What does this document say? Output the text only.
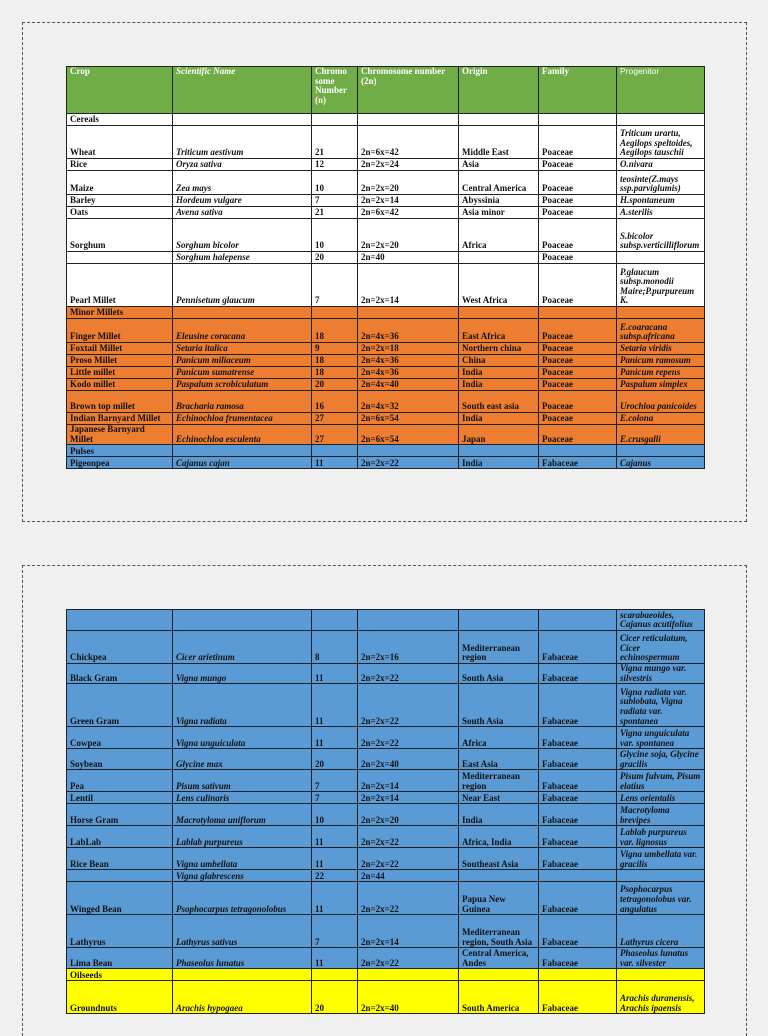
Crop	Scientific Name	Chromo some Number (n)	Chromosome number (2n)	Origin	Family	Progenitor
Cereals						
Wheat	Triticum aestivum	21	2n=6x=42	Middle East	Poaceae	Triticum urartu, Aegilops speltoides, Aegilops tauschii
Rice	Oryza sativa	12	2n=2x=24	Asia	Poaceae	O.nivara
Maize	Zea mays	10	2n=2x=20	Central America	Poaceae	teosinte(Z.mays ssp.parviglumis)
Barley	Hordeum vulgare	7	2n=2x=14	Abyssinia	Poaceae	H.spontaneum
Oats	Avena sativa	21	2n=6x=42	Asia minor	Poaceae	A.sterilis
Sorghum	Sorghum bicolor	10	2n=2x=20	Africa	Poaceae	S.bicolor subsp.verticilliflorum
	Sorghum halepense	20	2n=40		Poaceae	
Pearl Millet	Pennisetum glaucum	7	2n=2x=14	West Africa	Poaceae	P.glaucum subsp.monodii Maire;P.purpureum K.
Minor Millets						
Finger Millet	Eleusine coracana	18	2n=4x=36	East Africa	Poaceae	E.coaracana subsp.africana
Foxtail Millet	Setaria italica	9	2n=2x=18	Northern china	Poaceae	Setaria viridis
Proso Millet	Panicum miliaceum	18	2n=4x=36	China	Poaceae	Panicum ramosum
Little millet	Panicum sumatrense	18	2n=4x=36	India	Poaceae	Panicum repens
Kodo millet	Paspalum scrobiculatum	20	2n=4x=40	India	Poaceae	Paspalum simplex
Brown top millet	Bracharia ramosa	16	2n=4x=32	South east asia	Poaceae	Urochloa panicoides
Indian Barnyard Millet	Echinochloa frumentacea	27	2n=6x=54	India	Poaceae	E.colona
Japanese Barnyard Millet	Echinochloa esculenta	27	2n=6x=54	Japan	Poaceae	E.crusgalli
Pulses						
Pigeonpea	Cajanus cajan	11	2n=2x=22	India	Fabaceae	Cajanus
						scarabaeoides, Cajanus acutifolius
Chickpea	Cicer arietinum	8	2n=2x=16	Mediterranean region	Fabaceae	Cicer reticulatum, Cicer echinospermum
Black Gram	Vigna mungo	11	2n=2x=22	South Asia	Fabaceae	Vigna mungo var. silvestris
Green Gram	Vigna radiata	11	2n=2x=22	South Asia	Fabaceae	Vigna radiata var. sublobata, Vigna radiata var. spontanea
Cowpea	Vigna unguiculata	11	2n=2x=22	Africa	Fabaceae	Vigna unguiculata var. spontanea
Soybean	Glycine max	20	2n=2x=40	East Asia	Fabaceae	Glycine soja, Glycine gracilis
Pea	Pisum sativum	7	2n=2x=14	Mediterranean region	Fabaceae	Pisum fulvum, Pisum elatius
Lentil	Lens culinaris	7	2n=2x=14	Near East	Fabaceae	Lens orientalis
Horse Gram	Macrotyloma uniflorum	10	2n=2x=20	India	Fabaceae	Macrotyloma brevipes
LabLab	Lablab purpureus	11	2n=2x=22	Africa, India	Fabaceae	Lablab purpureus var. lignosus
Rice Bean	Vigna umbellata	11	2n=2x=22	Southeast Asia	Fabaceae	Vigna umbellata var. gracilis
	Vigna glabrescens	22	2n=44			
Winged Bean	Psophocarpus tetragonolobus	11	2n=2x=22	Papua New Guinea	Fabaceae	Psophocarpus tetragonolobus var. angulatus
Lathyrus	Lathyrus sativus	7	2n=2x=14	Mediterranean region, South Asia	Fabaceae	Lathyrus cicera
Lima Bean	Phaseolus lunatus	11	2n=2x=22	Central America, Andes	Fabaceae	Phaseolus lunatus var. silvester
Oilseeds						
Groundnuts	Arachis hypogaea	20	2n=2x=40	South America	Fabaceae	Arachis duranensis, Arachis ipaensis
